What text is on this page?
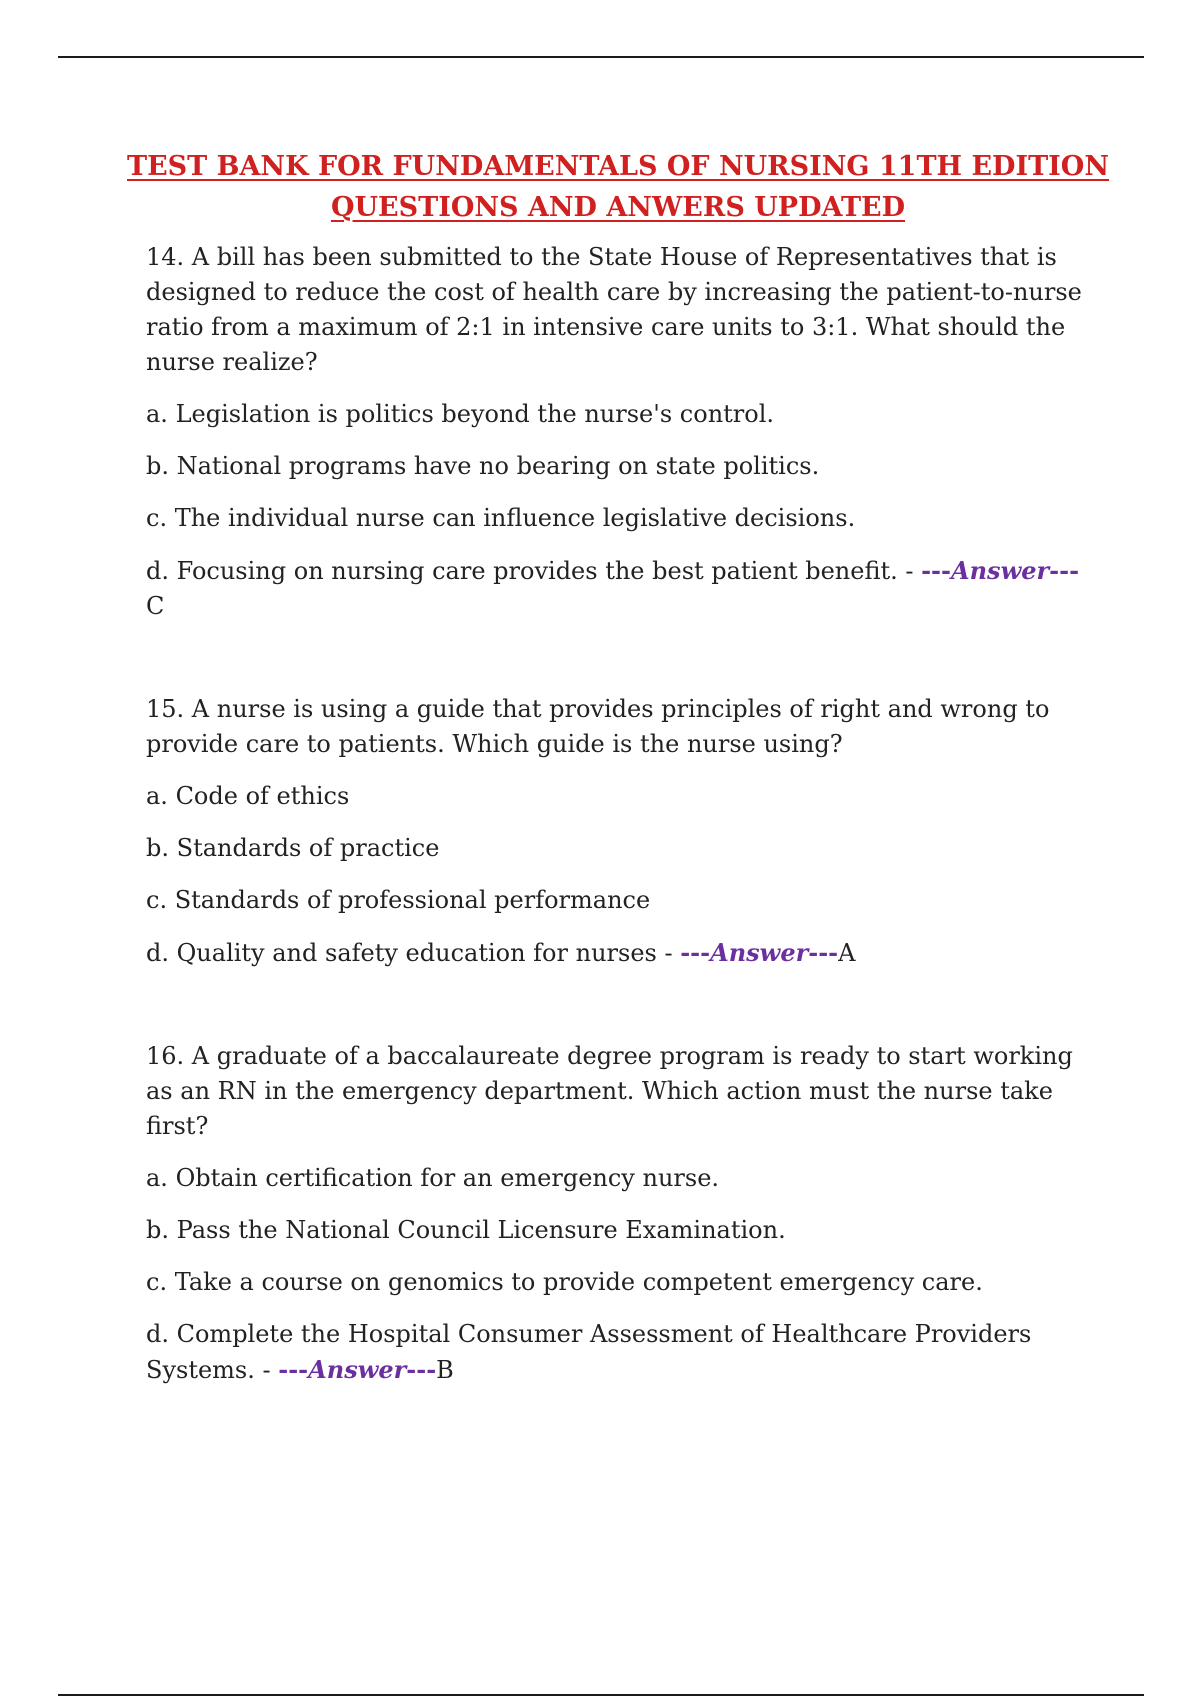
TEST BANK FOR FUNDAMENTALS OF NURSING 11TH EDITION
QUESTIONS AND ANWERS UPDATED

14. A bill has been submitted to the State House of Representatives that is designed to reduce the cost of health care by increasing the patient-to-nurse ratio from a maximum of 2:1 in intensive care units to 3:1. What should the nurse realize?

a. Legislation is politics beyond the nurse's control.

b. National programs have no bearing on state politics.

c. The individual nurse can influence legislative decisions.

d. Focusing on nursing care provides the best patient benefit. - ---Answer---C

15. A nurse is using a guide that provides principles of right and wrong to provide care to patients. Which guide is the nurse using?

a. Code of ethics

b. Standards of practice

c. Standards of professional performance

d. Quality and safety education for nurses - ---Answer---A

16. A graduate of a baccalaureate degree program is ready to start working as an RN in the emergency department. Which action must the nurse take first?

a. Obtain certification for an emergency nurse.

b. Pass the National Council Licensure Examination.

c. Take a course on genomics to provide competent emergency care.

d. Complete the Hospital Consumer Assessment of Healthcare Providers Systems. - ---Answer---B
